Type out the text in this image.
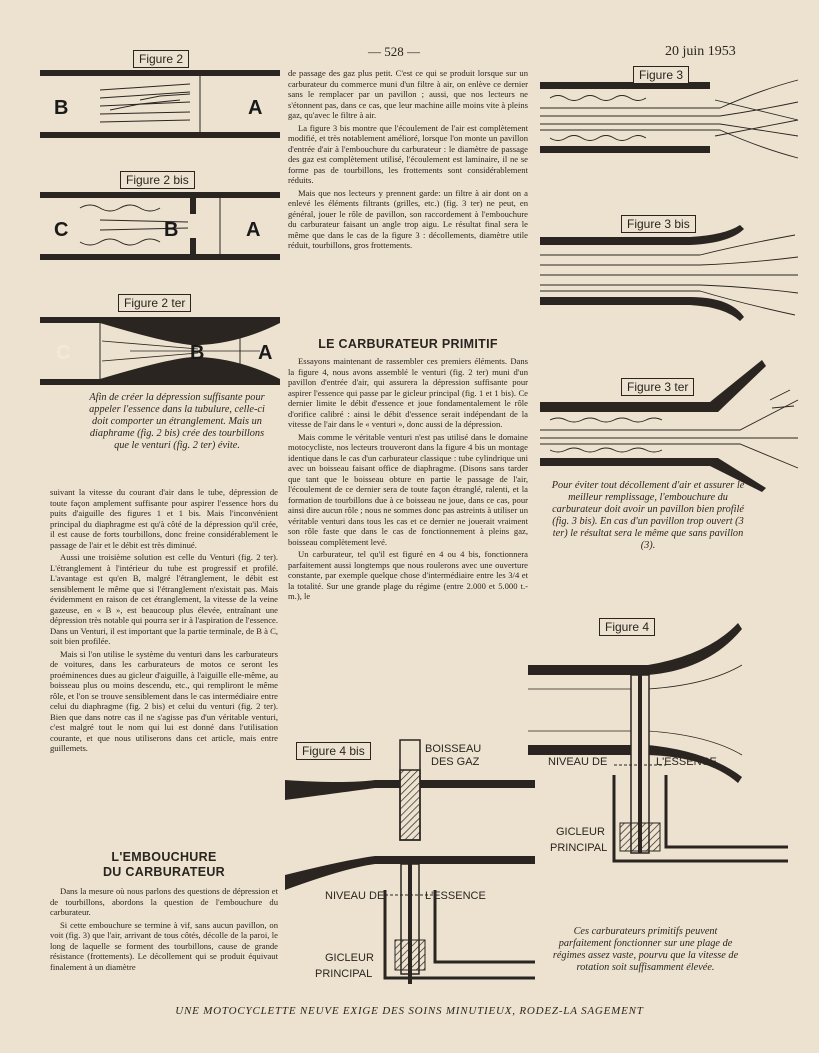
— 528 —	20 juin 1953
B	A
Figure 2
C	B	A
Figure 2 bis
C	B	A
Figure 2 ter
Afin de créer la dépression suffisante pour appeler l'essence dans la tubulure, celle-ci doit comporter un étranglement. Mais un diaphrame (fig. 2 bis) crée des tourbillons que le venturi (fig. 2 ter) évite.

suivant la vitesse du courant d'air dans le tube, dépression de toute façon amplement suffisante pour aspirer l'essence hors du puits d'aiguille des figures 1 et 1 bis. Mais l'inconvénient principal du diaphragme est qu'à côté de la dépression qu'il crée, il est cause de forts tourbillons, donc freine considérablement le passage de l'air et le débit est très diminué.

Aussi une troisième solution est celle du Venturi (fig. 2 ter). L'étranglement à l'intérieur du tube est progressif et profilé. L'avantage est qu'en B, malgré l'étranglement, le débit est sensiblement le même que si l'étranglement n'existait pas. Mais évidemment en raison de cet étranglement, la vitesse de la veine gazeuse, en « B », est beaucoup plus élevée, entraînant une dépression très notable qui pourra ser ir à l'aspiration de l'essence. Dans un Venturi, il est important que la partie terminale, de B à C, soit bien profilée.

Mais si l'on utilise le système du venturi dans les carburateurs de voitures, dans les carburateurs de motos ce seront les proéminences dues au gicleur d'aiguille, à l'aiguille elle-même, au boisseau plus ou moins descendu, etc., qui rempliront le même rôle, et l'on se trouve sensiblement dans le cas intermédiaire entre celui du diaphragme (fig. 2 bis) et celui du venturi (fig. 2 ter). Bien que dans notre cas il ne s'agisse pas d'un véritable venturi, c'est malgré tout le nom qui lui est donné dans l'utilisation courante, et que nous utiliserons dans cet article, mais entre guillemets.

L'EMBOUCHURE
DU CARBURATEUR

Dans la mesure où nous parlons des questions de dépression et de tourbillons, abordons la question de l'embouchure du carburateur.

Si cette embouchure se termine à vif, sans aucun pavillon, on voit (fig. 3) que l'air, arrivant de tous côtés, décolle de la paroi, le long de laquelle se forment des tourbillons, cause de grande résistance (frottements). Le décollement qui se produit équivaut finalement à un diamètre

de passage des gaz plus petit. C'est ce qui se produit lorsque sur un carburateur du commerce muni d'un filtre à air, on enlève ce dernier sans le remplacer par un pavillon ; aussi, que nos lecteurs ne s'étonnent pas, dans ce cas, que leur machine aille moins vite à pleins gaz, qu'avec le filtre à air.

La figure 3 bis montre que l'écoulement de l'air est complètement modifié, et très notablement amélioré, lorsque l'on monte un pavillon d'entrée d'air à l'embouchure du carburateur : le diamètre de passage des gaz est complètement utilisé, l'écoulement est laminaire, il ne se forme pas de tourbillons, les frottements sont considérablement réduits.

Mais que nos lecteurs y prennent garde: un filtre à air dont on a enlevé les éléments filtrants (grilles, etc.) (fig. 3 ter) ne peut, en général, jouer le rôle de pavillon, son raccordement à l'embouchure du carburateur faisant un angle trop aigu. Le résultat final sera le même que dans le cas de la figure 3 : décollements, diamètre utile réduit, tourbillons, gros frottements.

LE CARBURATEUR PRIMITIF

Essayons maintenant de rassembler ces premiers éléments. Dans la figure 4, nous avons assemblé le venturi (fig. 2 ter) muni d'un pavillon d'entrée d'air, qui assurera la dépression suffisante pour aspirer l'essence qui passe par le gicleur principal (fig. 1 et 1 bis). Ce dernier limite le débit d'essence et joue fondamentalement le rôle d'orifice calibré : ainsi le débit d'essence serait indépendant de la vitesse de l'air dans le « venturi », donc aussi de la dépression.

Mais comme le véritable venturi n'est pas utilisé dans le domaine motocycliste, nos lecteurs trouveront dans la figure 4 bis un montage identique dans le cas d'un carburateur classique : tube cylindrique uni avec un boisseau faisant office de diaphragme. (Disons sans tarder que tant que le boisseau obture en partie le passage de l'air, l'écoulement de ce dernier sera de toute façon étranglé, ralenti, et la formation de tourbillons due à ce boisseau ne joue, dans ce cas, pour ainsi dire aucun rôle ; nous ne sommes donc pas astreints à utiliser un véritable venturi dans tous les cas et ce dernier ne jouerait vraiment son rôle faste que dans le cas de fonctionnement à pleins gaz, boisseau complètement levé.

Un carburateur, tel qu'il est figuré en 4 ou 4 bis, fonctionnera parfaitement aussi longtemps que nous roulerons avec une ouverture constante, par exemple quelque chose d'intermédiaire entre les 3/4 et la totalité. Sur une grande plage du régime (entre 2.000 et 5.000 t.-m.), le

BOISSEAU
DES GAZ
NIVEAU DE	L'ESSENCE
GICLEUR
PRINCIPAL
Figure 4 bis
Figure 3
Figure 3 bis
Figure 3 ter
Pour éviter tout décollement d'air et assurer le meilleur remplissage, l'embouchure du carburateur doit avoir un pavillon bien profilé (fig. 3 bis). En cas d'un pavillon trop ouvert (3 ter) le résultat sera le même que sans pavillon (3).
NIVEAU DE	L'ESSENCE
GICLEUR
PRINCIPAL
Figure 4
Ces carburateurs primitifs peuvent parfaitement fonctionner sur une plage de régimes assez vaste, pourvu que la vitesse de rotation soit suffisamment élevée.
UNE MOTOCYCLETTE NEUVE EXIGE DES SOINS MINUTIEUX, RODEZ-LA SAGEMENT
